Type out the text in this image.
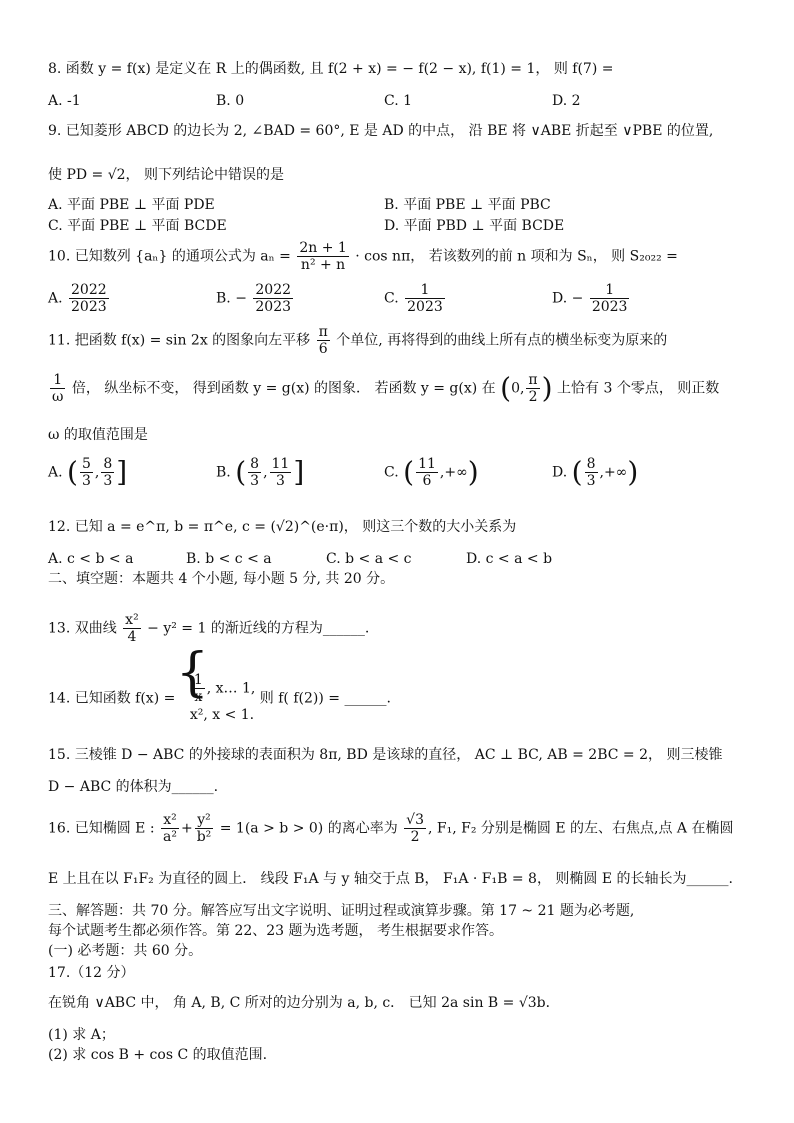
8. 函数 y = f(x) 是定义在 R 上的偶函数, 且 f(2 + x) = − f(2 − x), f(1) = 1， 则 f(7) =
A. -1	B. 0	C. 1	D. 2
9. 已知菱形 ABCD 的边长为 2, ∠BAD = 60°, E 是 AD 的中点， 沿 BE 将 ∨ABE 折起至 ∨PBE 的位置,
使 PD = √2， 则下列结论中错误的是
A. 平面 PBE ⊥ 平面 PDE	B. 平面 PBE ⊥ 平面 PBC
C. 平面 PBE ⊥ 平面 BCDE	D. 平面 PBD ⊥ 平面 BCDE
10. 已知数列 {aₙ} 的通项公式为 $a_n = \frac{2n + 1}{\text{n² + n}} \cdot \cos n\pi$， 若该数列的前 n 项和为 Sₙ， 则 S₂₀₂₂ =
A. $\frac{2022}{2023}$	B. − $\frac{2022}{2023}$	C. $\frac{1}{2023}$	D. − $\frac{1}{2023}$
11. 把函数 f(x) = sin 2x 的图象向左平移 $\frac{\pi}{6}$ 个单位, 再将得到的曲线上所有点的横坐标变为原来的
$\frac{1}{\omega}$ 倍， 纵坐标不变， 得到函数 y = g(x) 的图象． 若函数 y = g(x) 在 (0, $\frac{\pi}{2}$ ) 上恰有 3 个零点， 则正数
ω 的取值范围是
A. ( $\frac{5}{3}$ , $\frac{8}{3}$ ]	B. ( $\frac{8}{3}$ , $\frac{11}{3}$ ]	C. ( $\frac{11}{6}$ ,+∞)	D. ( $\frac{8}{3}$ ,+∞)
12. 已知 a = e^π, b = π^e, c = (√2)^(e·π)， 则这三个数的大小关系为
A. c < b < a	B. b < c < a	C. b < a < c	D. c < a < b
二、填空题：本题共 4 个小题, 每小题 5 分, 共 20 分。
13. 双曲线 $\frac{\text{x²}}{4} - y^2 = 1$ 的渐近线的方程为______.
14. 已知函数 f(x) =
{ $\frac{1}{x}$ , x… 1,
x², x < 1.
则 f( f(2)) = ______.
15. 三棱锥 D − ABC 的外接球的表面积为 8π, BD 是该球的直径， AC ⊥ BC, AB = 2BC = 2， 则三棱锥
D − ABC 的体积为______.
16. 已知椭圆 E : $\frac{\text{x²}}{\text{a²}} + \frac{\text{y²}}{\text{b²}} = 1(a > b > 0)$ 的离心率为 $\frac{√3}{2}$ , F₁, F₂ 分别是椭圆 E 的左、右焦点,点 A 在椭圆
E 上且在以 F₁F₂ 为直径的圆上． 线段 F₁A 与 y 轴交于点 B， F₁A · F₁B = 8， 则椭圆 E 的长轴长为______.
三、解答题：共 70 分。解答应写出文字说明、证明过程或演算步骤。第 17 ~ 21 题为必考题,
每个试题考生都必须作答。第 22、23 题为选考题， 考生根据要求作答。
(一) 必考题：共 60 分。
17.（12 分）
在锐角 ∨ABC 中， 角 A, B, C 所对的边分别为 a, b, c． 已知 2a sin B = √3b．
(1) 求 A；
(2) 求 cos B + cos C 的取值范围.
